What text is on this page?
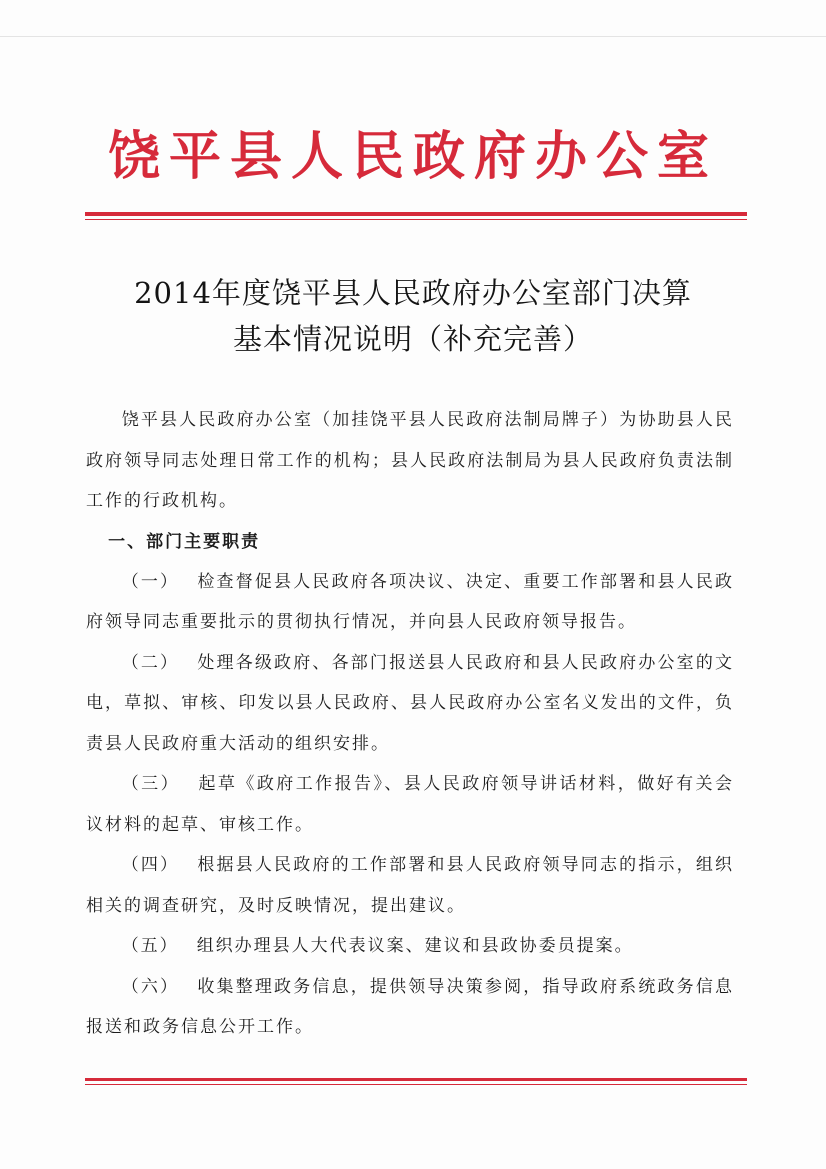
饶平县人民政府办公室
2014年度饶平县人民政府办公室部门决算
基本情况说明（补充完善）

饶平县人民政府办公室（加挂饶平县人民政府法制局牌子）为协助县人民政府领导同志处理日常工作的机构；县人民政府法制局为县人民政府负责法制工作的行政机构。

一、部门主要职责

（一） 检查督促县人民政府各项决议、决定、重要工作部署和县人民政府领导同志重要批示的贯彻执行情况，并向县人民政府领导报告。

（二） 处理各级政府、各部门报送县人民政府和县人民政府办公室的文电，草拟、审核、印发以县人民政府、县人民政府办公室名义发出的文件，负责县人民政府重大活动的组织安排。

（三） 起草《政府工作报告》、县人民政府领导讲话材料，做好有关会议材料的起草、审核工作。

（四） 根据县人民政府的工作部署和县人民政府领导同志的指示，组织相关的调查研究，及时反映情况，提出建议。

（五） 组织办理县人大代表议案、建议和县政协委员提案。

（六） 收集整理政务信息，提供领导决策参阅，指导政府系统政务信息报送和政务信息公开工作。
